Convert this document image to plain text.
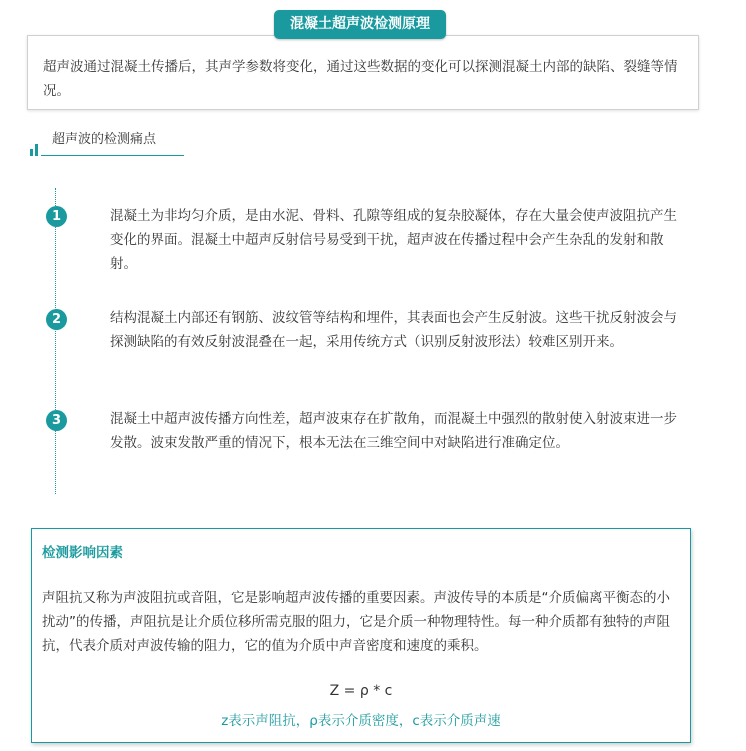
超声波通过混凝土传播后，其声学参数将变化，通过这些数据的变化可以探测混凝土内部的缺陷、裂缝等情况。
混凝土超声波检测原理
超声波的检测痛点
1	混凝土为非均匀介质，是由水泥、骨料、孔隙等组成的复杂胶凝体，存在大量会使声波阻抗产生变化的界面。混凝土中超声反射信号易受到干扰，超声波在传播过程中会产生杂乱的发射和散射。
2	结构混凝土内部还有钢筋、波纹管等结构和埋件，其表面也会产生反射波。这些干扰反射波会与探测缺陷的有效反射波混叠在一起，采用传统方式（识别反射波形法）较难区别开来。
3	混凝土中超声波传播方向性差，超声波束存在扩散角，而混凝土中强烈的散射使入射波束进一步发散。波束发散严重的情况下，根本无法在三维空间中对缺陷进行准确定位。
检测影响因素
声阻抗又称为声波阻抗或音阻，它是影响超声波传播的重要因素。声波传导的本质是“介质偏离平衡态的小扰动”的传播，声阻抗是让介质位移所需克服的阻力，它是介质一种物理特性。每一种介质都有独特的声阻抗，代表介质对声波传输的阻力，它的值为介质中声音密度和速度的乘积。
Z = ρ * c
z表示声阻抗，ρ表示介质密度，c表示介质声速
